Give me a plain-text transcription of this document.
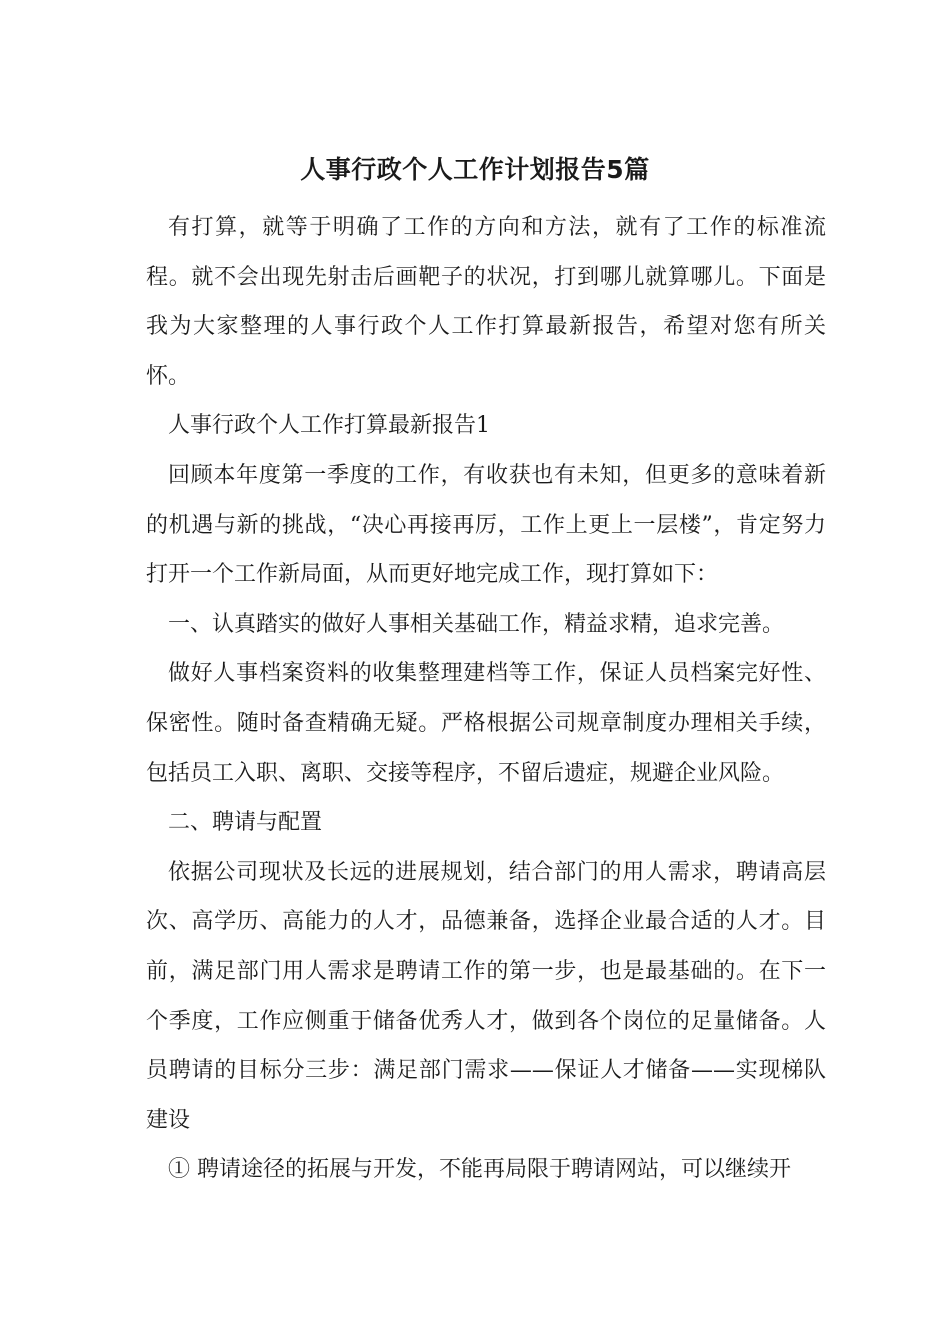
人事行政个人工作计划报告5篇

有打算，就等于明确了工作的方向和方法，就有了工作的标准流程。就不会出现先射击后画靶子的状况，打到哪儿就算哪儿。下面是我为大家整理的人事行政个人工作打算最新报告，希望对您有所关怀。

人事行政个人工作打算最新报告1

回顾本年度第一季度的工作，有收获也有未知，但更多的意味着新的机遇与新的挑战，“决心再接再厉，工作上更上一层楼”，肯定努力打开一个工作新局面，从而更好地完成工作，现打算如下：

一、认真踏实的做好人事相关基础工作，精益求精，追求完善。

做好人事档案资料的收集整理建档等工作，保证人员档案完好性、保密性。随时备查精确无疑。严格根据公司规章制度办理相关手续，包括员工入职、离职、交接等程序，不留后遗症，规避企业风险。

二、聘请与配置

依据公司现状及长远的进展规划，结合部门的用人需求，聘请高层次、高学历、高能力的人才，品德兼备，选择企业最合适的人才。目前，满足部门用人需求是聘请工作的第一步，也是最基础的。在下一个季度，工作应侧重于储备优秀人才，做到各个岗位的足量储备。人员聘请的目标分三步：满足部门需求——保证人才储备——实现梯队建设

① 聘请途径的拓展与开发，不能再局限于聘请网站，可以继续开
